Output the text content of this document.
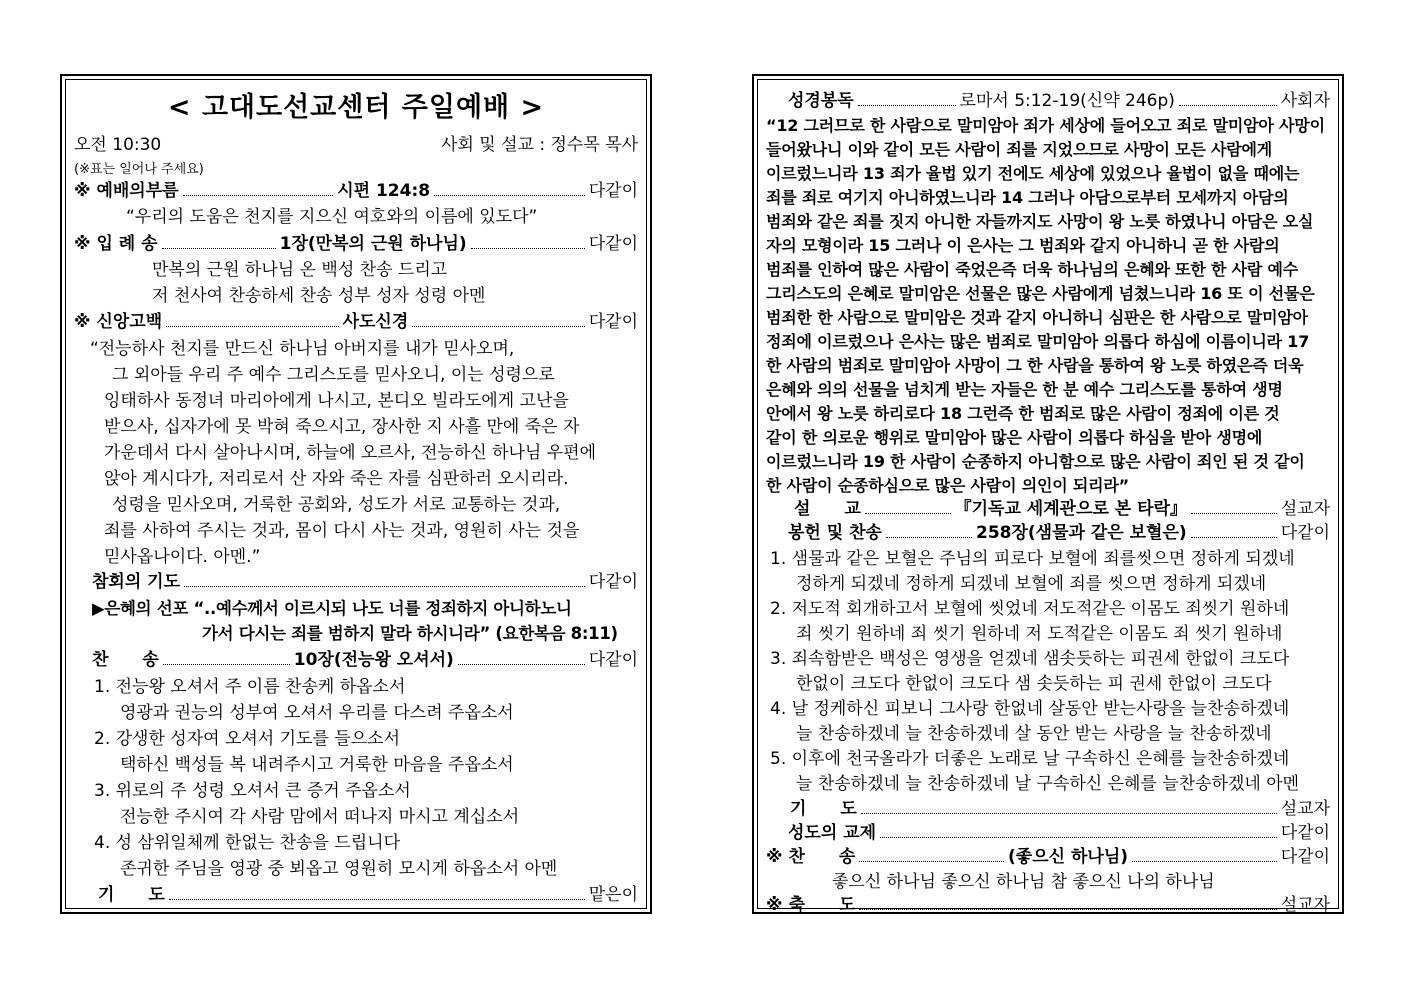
< 고대도선교센터 주일예배 >
오전 10:30	사회 및 설교 : 정수목 목사
(※표는 일어나 주세요)
※ 예배의부름	시편 124:8	다같이
“우리의 도움은 천지를 지으신 여호와의 이름에 있도다”
※ 입 례 송	1장(만복의 근원 하나님)	다같이
만복의 근원 하나님 온 백성 찬송 드리고
저 천사여 찬송하세 찬송 성부 성자 성령 아멘
※ 신앙고백	사도신경	다같이
“전능하사 천지를 만드신 하나님 아버지를 내가 믿사오며,
그 외아들 우리 주 예수 그리스도를 믿사오니, 이는 성령으로
잉태하사 동정녀 마리아에게 나시고, 본디오 빌라도에게 고난을
받으사, 십자가에 못 박혀 죽으시고, 장사한 지 사흘 만에 죽은 자
가운데서 다시 살아나시며, 하늘에 오르사, 전능하신 하나님 우편에
앉아 계시다가, 저리로서 산 자와 죽은 자를 심판하러 오시리라.
성령을 믿사오며, 거룩한 공회와, 성도가 서로 교통하는 것과,
죄를 사하여 주시는 것과, 몸이 다시 사는 것과, 영원히 사는 것을
믿사옵나이다. 아멘.”
참회의 기도	다같이
▶은혜의 선포 “..예수께서 이르시되 나도 너를 정죄하지 아니하노니
가서 다시는 죄를 범하지 말라 하시니라” (요한복음 8:11)
찬　　송	10장(전능왕 오셔서)	다같이
1. 전능왕 오셔서 주 이름 찬송케 하옵소서
영광과 권능의 성부여 오셔서 우리를 다스려 주옵소서
2. 강생한 성자여 오셔서 기도를 들으소서
택하신 백성들 복 내려주시고 거룩한 마음을 주옵소서
3. 위로의 주 성령 오셔서 큰 증거 주옵소서
전능한 주시여 각 사람 맘에서 떠나지 마시고 계십소서
4. 성 삼위일체께 한없는 찬송을 드립니다
존귀한 주님을 영광 중 뵈옵고 영원히 모시게 하옵소서 아멘
기　　도	맡은이
성경봉독	로마서 5:12-19(신약 246p)	사회자
“12 그러므로 한 사람으로 말미암아 죄가 세상에 들어오고 죄로 말미암아 사망이
들어왔나니 이와 같이 모든 사람이 죄를 지었으므로 사망이 모든 사람에게
이르렀느니라 13 죄가 율법 있기 전에도 세상에 있었으나 율법이 없을 때에는
죄를 죄로 여기지 아니하였느니라 14 그러나 아담으로부터 모세까지 아담의
범죄와 같은 죄를 짓지 아니한 자들까지도 사망이 왕 노릇 하였나니 아담은 오실
자의 모형이라 15 그러나 이 은사는 그 범죄와 같지 아니하니 곧 한 사람의
범죄를 인하여 많은 사람이 죽었은즉 더욱 하나님의 은혜와 또한 한 사람 예수
그리스도의 은혜로 말미암은 선물은 많은 사람에게 넘쳤느니라 16 또 이 선물은
범죄한 한 사람으로 말미암은 것과 같지 아니하니 심판은 한 사람으로 말미암아
정죄에 이르렀으나 은사는 많은 범죄로 말미암아 의롭다 하심에 이름이니라 17
한 사람의 범죄로 말미암아 사망이 그 한 사람을 통하여 왕 노릇 하였은즉 더욱
은혜와 의의 선물을 넘치게 받는 자들은 한 분 예수 그리스도를 통하여 생명
안에서 왕 노릇 하리로다 18 그런즉 한 범죄로 많은 사람이 정죄에 이른 것
같이 한 의로운 행위로 말미암아 많은 사람이 의롭다 하심을 받아 생명에
이르렀느니라 19 한 사람이 순종하지 아니함으로 많은 사람이 죄인 된 것 같이
한 사람이 순종하심으로 많은 사람이 의인이 되리라”
설　　교	『기독교 세계관으로 본 타락』	설교자
봉헌 및 찬송	258장(샘물과 같은 보혈은)	다같이
1. 샘물과 같은 보혈은 주님의 피로다 보혈에 죄를씻으면 정하게 되겠네
정하게 되겠네 정하게 되겠네 보혈에 죄를 씻으면 정하게 되겠네
2. 저도적 회개하고서 보혈에 씻었네 저도적같은 이몸도 죄씻기 원하네
죄 씻기 원하네 죄 씻기 원하네 저 도적같은 이몸도 죄 씻기 원하네
3. 죄속함받은 백성은 영생을 얻겠네 샘솟듯하는 피권세 한없이 크도다
한없이 크도다 한없이 크도다 샘 솟듯하는 피 권세 한없이 크도다
4. 날 정케하신 피보니 그사랑 한없네 살동안 받는사랑을 늘찬송하겠네
늘 찬송하겠네 늘 찬송하겠네 살 동안 받는 사랑을 늘 찬송하겠네
5. 이후에 천국올라가 더좋은 노래로 날 구속하신 은혜를 늘찬송하겠네
늘 찬송하겠네 늘 찬송하겠네 날 구속하신 은혜를 늘찬송하겠네 아멘
기　　도	설교자
성도의 교제	다같이
※ 찬　　송	(좋으신 하나님)	다같이
좋으신 하나님 좋으신 하나님 참 좋으신 나의 하나님
※ 축　　도	설교자
